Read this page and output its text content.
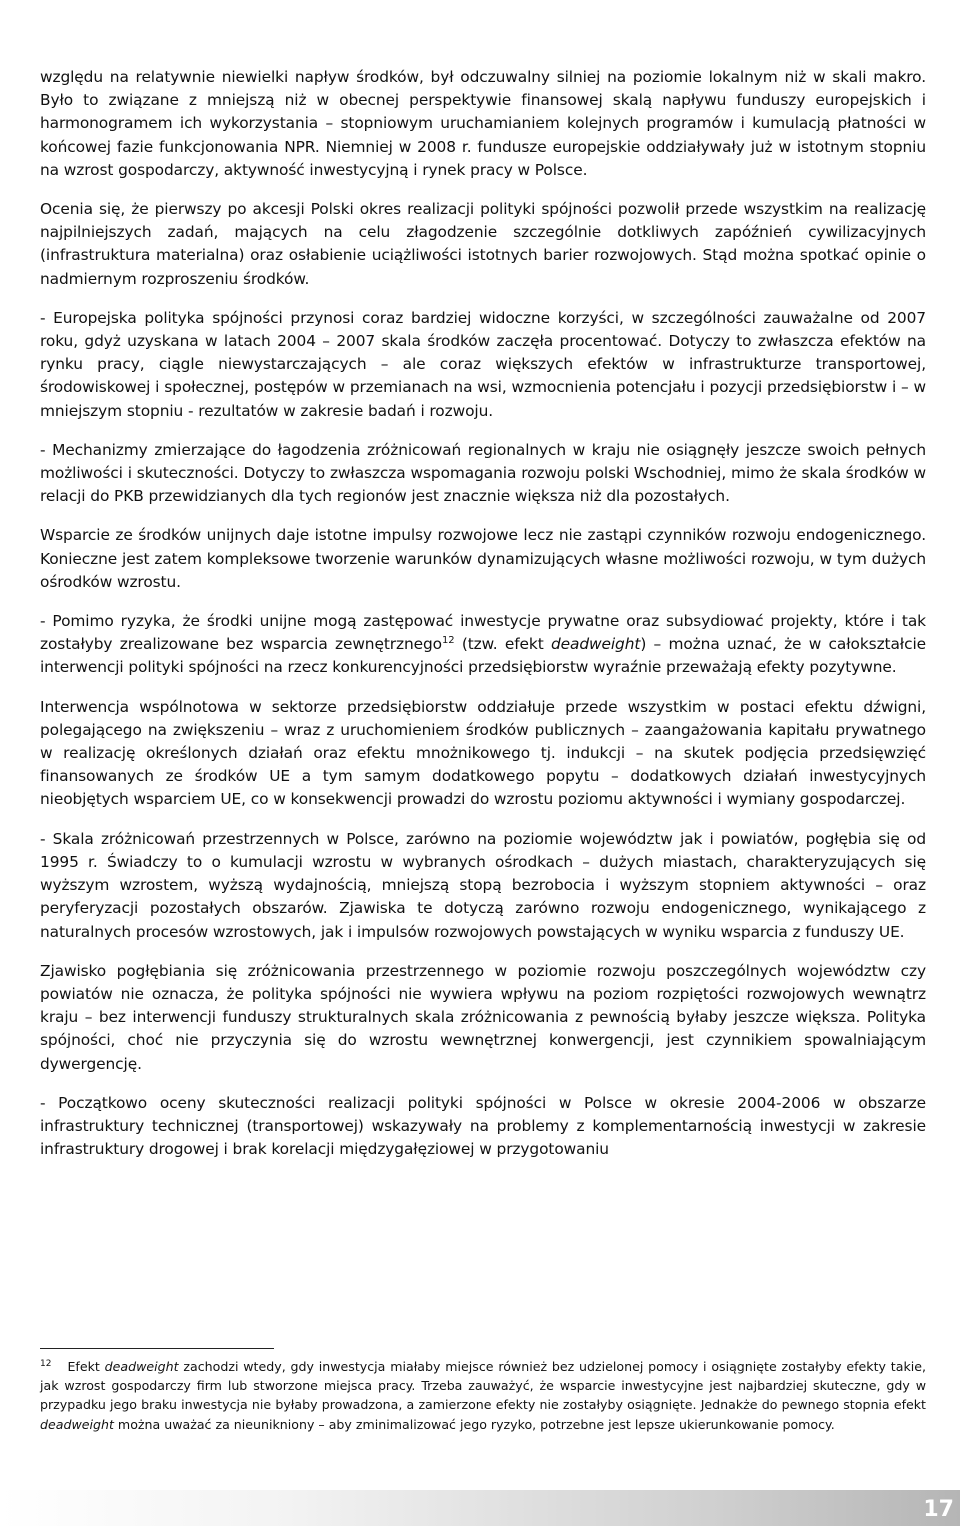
względu na relatywnie niewielki napływ środków, był odczuwalny silniej na poziomie lokalnym niż w skali makro. Było to związane z mniejszą niż w obecnej perspektywie finansowej skalą napływu funduszy europejskich i harmonogramem ich wykorzystania – stopniowym uruchamianiem kolejnych programów i kumulacją płatności w końcowej fazie funkcjonowania NPR. Niemniej w 2008 r. fundusze europejskie oddziaływały już w istotnym stopniu na wzrost gospodarczy, aktywność inwestycyjną i rynek pracy w Polsce.

Ocenia się, że pierwszy po akcesji Polski okres realizacji polityki spójności pozwolił przede wszystkim na realizację najpilniejszych zadań, mających na celu złagodzenie szczególnie dotkliwych zapóźnień cywilizacyjnych (infrastruktura materialna) oraz osłabienie uciążliwości istotnych barier rozwojowych. Stąd można spotkać opinie o nadmiernym rozproszeniu środków.

- Europejska polityka spójności przynosi coraz bardziej widoczne korzyści, w szczególności zauważalne od 2007 roku, gdyż uzyskana w latach 2004 – 2007 skala środków zaczęła procentować. Dotyczy to zwłaszcza efektów na rynku pracy, ciągle niewystarczających – ale coraz większych efektów w infrastrukturze transportowej, środowiskowej i społecznej, postępów w przemianach na wsi, wzmocnienia potencjału i pozycji przedsiębiorstw i – w mniejszym stopniu - rezultatów w zakresie badań i rozwoju.

- Mechanizmy zmierzające do łagodzenia zróżnicowań regionalnych w kraju nie osiągnęły jeszcze swoich pełnych możliwości i skuteczności. Dotyczy to zwłaszcza wspomagania rozwoju polski Wschodniej, mimo że skala środków w relacji do PKB przewidzianych dla tych regionów jest znacznie większa niż dla pozostałych.

Wsparcie ze środków unijnych daje istotne impulsy rozwojowe lecz nie zastąpi czynników rozwoju endogenicznego. Konieczne jest zatem kompleksowe tworzenie warunków dynamizujących własne możliwości rozwoju, w tym dużych ośrodków wzrostu.

- Pomimo ryzyka, że środki unijne mogą zastępować inwestycje prywatne oraz subsydiować projekty, które i tak zostałyby zrealizowane bez wsparcia zewnętrznego$^{12}$ (tzw. efekt deadweight) – można uznać, że w całokształcie interwencji polityki spójności na rzecz konkurencyjności przedsiębiorstw wyraźnie przeważają efekty pozytywne.

Interwencja wspólnotowa w sektorze przedsiębiorstw oddziałuje przede wszystkim w postaci efektu dźwigni, polegającego na zwiększeniu – wraz z uruchomieniem środków publicznych – zaangażowania kapitału prywatnego w realizację określonych działań oraz efektu mnożnikowego tj. indukcji – na skutek podjęcia przedsięwzięć finansowanych ze środków UE a tym samym dodatkowego popytu – dodatkowych działań inwestycyjnych nieobjętych wsparciem UE, co w konsekwencji prowadzi do wzrostu poziomu aktywności i wymiany gospodarczej.

- Skala zróżnicowań przestrzennych w Polsce, zarówno na poziomie województw jak i powiatów, pogłębia się od 1995 r. Świadczy to o kumulacji wzrostu w wybranych ośrodkach – dużych miastach, charakteryzujących się wyższym wzrostem, wyższą wydajnością, mniejszą stopą bezrobocia i wyższym stopniem aktywności – oraz peryferyzacji pozostałych obszarów. Zjawiska te dotyczą zarówno rozwoju endogenicznego, wynikającego z naturalnych procesów wzrostowych, jak i impulsów rozwojowych powstających w wyniku wsparcia z funduszy UE.

Zjawisko pogłębiania się zróżnicowania przestrzennego w poziomie rozwoju poszczególnych województw czy powiatów nie oznacza, że polityka spójności nie wywiera wpływu na poziom rozpiętości rozwojowych wewnątrz kraju – bez interwencji funduszy strukturalnych skala zróżnicowania z pewnością byłaby jeszcze większa. Polityka spójności, choć nie przyczynia się do wzrostu wewnętrznej konwergencji, jest czynnikiem spowalniającym dywergencję.

- Początkowo oceny skuteczności realizacji polityki spójności w Polsce w okresie 2004-2006 w obszarze infrastruktury technicznej (transportowej) wskazywały na problemy z komplementarnością inwestycji w zakresie infrastruktury drogowej i brak korelacji międzygałęziowej w przygotowaniu

$^{12}$ Efekt deadweight zachodzi wtedy, gdy inwestycja miałaby miejsce również bez udzielonej pomocy i osiągnięte zostałyby efekty takie, jak wzrost gospodarczy firm lub stworzone miejsca pracy. Trzeba zauważyć, że wsparcie inwestycyjne jest najbardziej skuteczne, gdy w przypadku jego braku inwestycja nie byłaby prowadzona, a zamierzone efekty nie zostałyby osiągnięte. Jednakże do pewnego stopnia efekt deadweight można uważać za nieunikniony – aby zminimalizować jego ryzyko, potrzebne jest lepsze ukierunkowanie pomocy.
17
